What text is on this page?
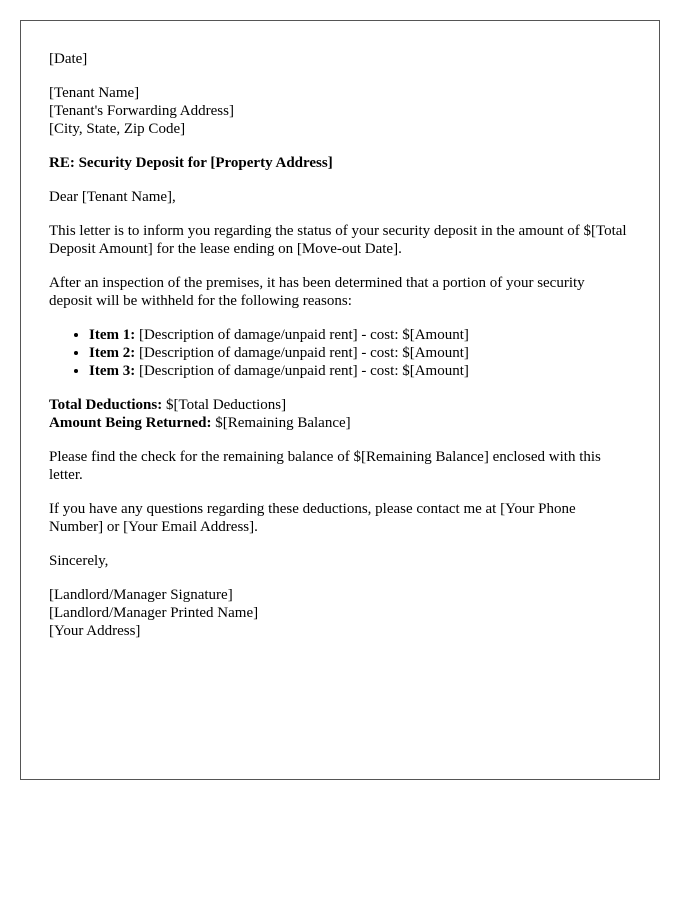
[Date]
[Tenant Name]
[Tenant's Forwarding Address]
[City, State, Zip Code]
RE: Security Deposit for [Property Address]
Dear [Tenant Name],
This letter is to inform you regarding the status of your security deposit in the amount of $[Total Deposit Amount] for the lease ending on [Move-out Date].
After an inspection of the premises, it has been determined that a portion of your security deposit will be withheld for the following reasons:
• Item 1: [Description of damage/unpaid rent] - cost: $[Amount]
• Item 2: [Description of damage/unpaid rent] - cost: $[Amount]
• Item 3: [Description of damage/unpaid rent] - cost: $[Amount]
Total Deductions: $[Total Deductions]
Amount Being Returned: $[Remaining Balance]
Please find the check for the remaining balance of $[Remaining Balance] enclosed with this letter.
If you have any questions regarding these deductions, please contact me at [Your Phone Number] or [Your Email Address].
Sincerely,
[Landlord/Manager Signature]
[Landlord/Manager Printed Name]
[Your Address]
